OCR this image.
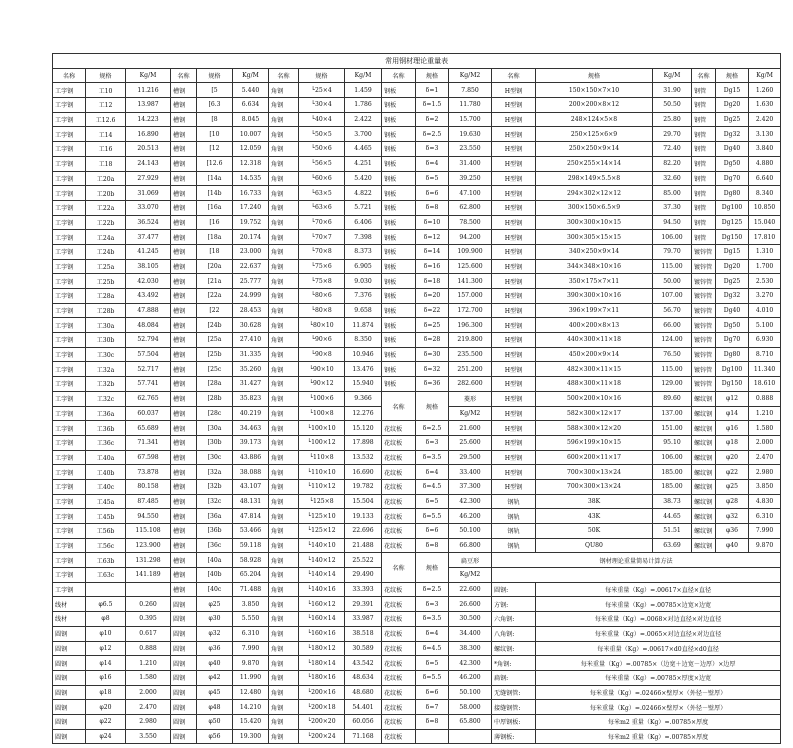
常用钢材理论重量表																	
名称	规格	Kg/M	名称	规格	Kg/M	名称	规格	Kg/M	名称	规格	Kg/M2	名称	规格	Kg/M	名称	规格	Kg/M
工字钢	工10	11.216	槽钢	[5	5.440	角钢	└25×4	1.459	钢板	δ=1	7.850	H型钢	150×150×7×10	31.90	钢管	Dg15	1.260
工字钢	工12	13.987	槽钢	[6.3	6.634	角钢	└30×4	1.786	钢板	δ=1.5	11.780	H型钢	200×200×8×12	50.50	钢管	Dg20	1.630
工字钢	工12.6	14.223	槽钢	[8	8.045	角钢	└40×4	2.422	钢板	δ=2	15.700	H型钢	248×124×5×8	25.80	钢管	Dg25	2.420
工字钢	工14	16.890	槽钢	[10	10.007	角钢	└50×5	3.700	钢板	δ=2.5	19.630	H型钢	250×125×6×9	29.70	钢管	Dg32	3.130
工字钢	工16	20.513	槽钢	[12	12.059	角钢	└50×6	4.465	钢板	δ=3	23.550	H型钢	250×250×9×14	72.40	钢管	Dg40	3.840
工字钢	工18	24.143	槽钢	[12.6	12.318	角钢	└56×5	4.251	钢板	δ=4	31.400	H型钢	250×255×14×14	82.20	钢管	Dg50	4.880
工字钢	工20a	27.929	槽钢	[14a	14.535	角钢	└60×6	5.420	钢板	δ=5	39.250	H型钢	298×149×5.5×8	32.60	钢管	Dg70	6.640
工字钢	工20b	31.069	槽钢	[14b	16.733	角钢	└63×5	4.822	钢板	δ=6	47.100	H型钢	294×302×12×12	85.00	钢管	Dg80	8.340
工字钢	工22a	33.070	槽钢	[16a	17.240	角钢	└63×6	5.721	钢板	δ=8	62.800	H型钢	300×150×6.5×9	37.30	钢管	Dg100	10.850
工字钢	工22b	36.524	槽钢	[16	19.752	角钢	└70×6	6.406	钢板	δ=10	78.500	H型钢	300×300×10×15	94.50	钢管	Dg125	15.040
工字钢	工24a	37.477	槽钢	[18a	20.174	角钢	└70×7	7.398	钢板	δ=12	94.200	H型钢	300×305×15×15	106.00	钢管	Dg150	17.810
工字钢	工24b	41.245	槽钢	[18	23.000	角钢	└70×8	8.373	钢板	δ=14	109.900	H型钢	340×250×9×14	79.70	镀锌管	Dg15	1.310
工字钢	工25a	38.105	槽钢	[20a	22.637	角钢	└75×6	6.905	钢板	δ=16	125.600	H型钢	344×348×10×16	115.00	镀锌管	Dg20	1.700
工字钢	工25b	42.030	槽钢	[21a	25.777	角钢	└75×8	9.030	钢板	δ=18	141.300	H型钢	350×175×7×11	50.00	镀锌管	Dg25	2.530
工字钢	工28a	43.492	槽钢	[22a	24.999	角钢	└80×6	7.376	钢板	δ=20	157.000	H型钢	390×300×10×16	107.00	镀锌管	Dg32	3.270
工字钢	工28b	47.888	槽钢	[22	28.453	角钢	└80×8	9.658	钢板	δ=22	172.700	H型钢	396×199×7×11	56.70	镀锌管	Dg40	4.010
工字钢	工30a	48.084	槽钢	[24b	30.628	角钢	└80×10	11.874	钢板	δ=25	196.300	H型钢	400×200×8×13	66.00	镀锌管	Dg50	5.100
工字钢	工30b	52.794	槽钢	[25a	27.410	角钢	└90×6	8.350	钢板	δ=28	219.800	H型钢	440×300×11×18	124.00	镀锌管	Dg70	6.930
工字钢	工30c	57.504	槽钢	[25b	31.335	角钢	└90×8	10.946	钢板	δ=30	235.500	H型钢	450×200×9×14	76.50	镀锌管	Dg80	8.710
工字钢	工32a	52.717	槽钢	[25c	35.260	角钢	└90×10	13.476	钢板	δ=32	251.200	H型钢	482×300×11×15	115.00	镀锌管	Dg100	11.340
工字钢	工32b	57.741	槽钢	[28a	31.427	角钢	└90×12	15.940	钢板	δ=36	282.600	H型钢	488×300×11×18	129.00	镀锌管	Dg150	18.610
工字钢	工32c	62.765	槽钢	[28b	35.823	角钢	└100×6	9.366	名称	规格	菱形	H型钢	500×200×10×16	89.60	螺纹钢	φ12	0.888
工字钢	工36a	60.037	槽钢	[28c	40.219	角钢	└100×8	12.276			Kg/M2	H型钢	582×300×12×17	137.00	螺纹钢	φ14	1.210
工字钢	工36b	65.689	槽钢	[30a	34.463	角钢	└100×10	15.120	花纹板	δ=2.5	21.600	H型钢	588×300×12×20	151.00	螺纹钢	φ16	1.580
工字钢	工36c	71.341	槽钢	[30b	39.173	角钢	└100×12	17.898	花纹板	δ=3	25.600	H型钢	596×199×10×15	95.10	螺纹钢	φ18	2.000
工字钢	工40a	67.598	槽钢	[30c	43.886	角钢	└110×8	13.532	花纹板	δ=3.5	29.500	H型钢	600×200×11×17	106.00	螺纹钢	φ20	2.470
工字钢	工40b	73.878	槽钢	[32a	38.088	角钢	└110×10	16.690	花纹板	δ=4	33.400	H型钢	700×300×13×24	185.00	螺纹钢	φ22	2.980
工字钢	工40c	80.158	槽钢	[32b	43.107	角钢	└110×12	19.782	花纹板	δ=4.5	37.300	H型钢	700×300×13×24	185.00	螺纹钢	φ25	3.850
工字钢	工45a	87.485	槽钢	[32c	48.131	角钢	└125×8	15.504	花纹板	δ=5	42.300	钢轨	38K	38.73	螺纹钢	φ28	4.830
工字钢	工45b	94.550	槽钢	[36a	47.814	角钢	└125×10	19.133	花纹板	δ=5.5	46.200	钢轨	43K	44.65	螺纹钢	φ32	6.310
工字钢	工56b	115.108	槽钢	[36b	53.466	角钢	└125×12	22.696	花纹板	δ=6	50.100	钢轨	50K	51.51	螺纹钢	φ36	7.990
工字钢	工56c	123.900	槽钢	[36c	59.118	角钢	└140×10	21.488	花纹板	δ=8	66.800	钢轨	QU80	63.69	螺纹钢	φ40	9.870
工字钢	工63b	131.298	槽钢	[40a	58.928	角钢	└140×12	25.522	名称	规格	扁豆形	钢材理论重量简易计算方法					
工字钢	工63c	141.189	槽钢	[40b	65.204	角钢	└140×14	29.490			Kg/M2						
工字钢			槽钢	[40c	71.488	角钢	└140×16	33.393	花纹板	δ=2.5	22.600	圆钢:	每米重量（Kg）=.00617×直径×直径				
线材	φ6.5	0.260	圆钢	φ25	3.850	角钢	└160×12	29.391	花纹板	δ=3	26.600	方钢:	每米重量（Kg）=.00785×边宽×边宽				
线材	φ8	0.395	圆钢	φ30	5.550	角钢	└160×14	33.987	花纹板	δ=3.5	30.500	六角钢:	每米重量（Kg）=.0068×对边直径×对边直径				
圆钢	φ10	0.617	圆钢	φ32	6.310	角钢	└160×16	38.518	花纹板	δ=4	34.400	八角钢:	每米重量（Kg）=.0065×对边直径×对边直径				
圆钢	φ12	0.888	圆钢	φ36	7.990	角钢	└180×12	30.589	花纹板	δ=4.5	38.300	螺纹钢:	每米重量（Kg）=.00617×d0直径×d0直径				
圆钢	φ14	1.210	圆钢	φ40	9.870	角钢	└180×14	43.542	花纹板	δ=5	42.300	*角钢:	每米重量（Kg）=.00785×（边宽＋边宽－边厚）×边厚				
圆钢	φ16	1.580	圆钢	φ42	11.990	角钢	└180×16	48.634	花纹板	δ=5.5	46.200	扁钢:	每米重量（Kg）=.00785×厚度×边宽				
圆钢	φ18	2.000	圆钢	φ45	12.480	角钢	└200×16	48.680	花纹板	δ=6	50.100	无缝钢管:	每米重量（Kg）=.02466×壁厚×（外径－壁厚）				
圆钢	φ20	2.470	圆钢	φ48	14.210	角钢	└200×18	54.401	花纹板	δ=7	58.000	接缝钢管:	每米重量（Kg）=.02466×壁厚×（外径－壁厚）				
圆钢	φ22	2.980	圆钢	φ50	15.420	角钢	└200×20	60.056	花纹板	δ=8	65.800	中厚钢板:	每米m2 重量（Kg）=.00785×厚度				
圆钢	φ24	3.550	圆钢	φ56	19.300	角钢	└200×24	71.168	花纹板			薄钢板:	每米m2 重量（Kg）=.00785×厚度				
